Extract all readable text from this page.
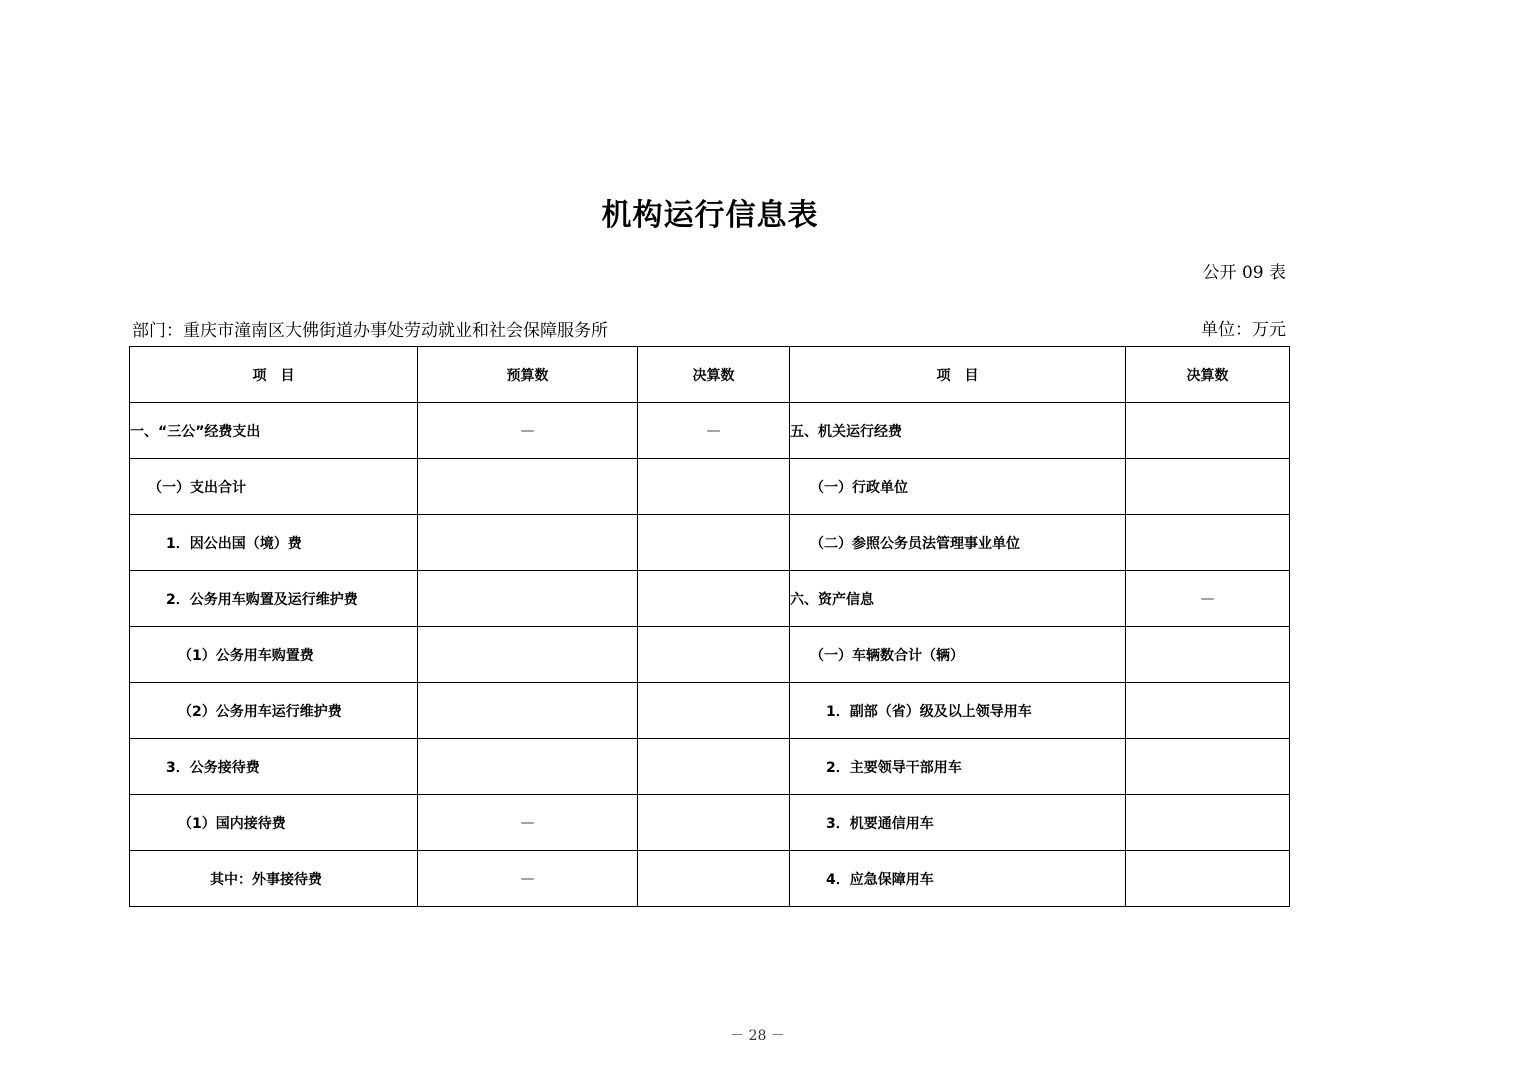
机构运行信息表
公开 09 表
部门：重庆市潼南区大佛街道办事处劳动就业和社会保障服务所	单位：万元
项　目	预算数	决算数	项　目	决算数
一、“三公”经费支出	—	—	五、机关运行经费	
（一）支出合计			（一）行政单位	
1．因公出国（境）费			（二）参照公务员法管理事业单位	
2．公务用车购置及运行维护费			六、资产信息	—
（1）公务用车购置费			（一）车辆数合计（辆）	
（2）公务用车运行维护费			1．副部（省）级及以上领导用车	
3．公务接待费			2．主要领导干部用车	
（1）国内接待费	—		3．机要通信用车	
其中：外事接待费	—		4．应急保障用车	
－ 28 －
